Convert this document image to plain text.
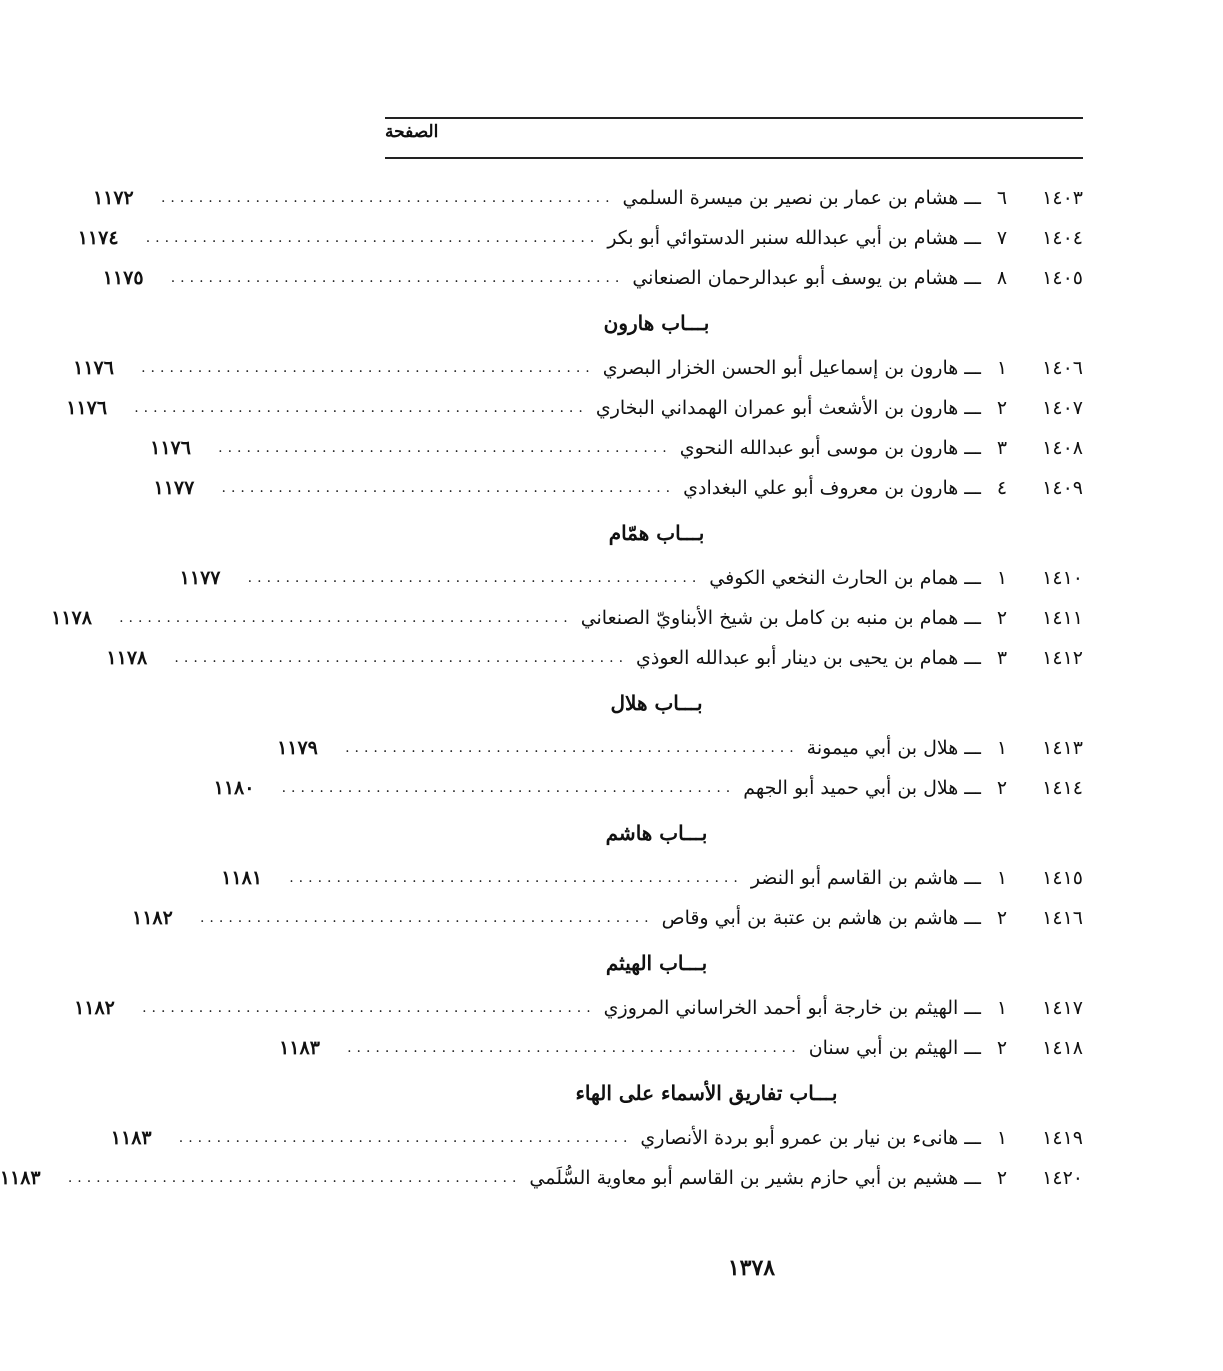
الصفحة
١٤٠٣
٦
ـــ
هشام بن عمار بن نصير بن ميسرة السلمي
................................................
١١٧٢
١٤٠٤
٧
ـــ
هشام بن أبي عبدالله سنبر الدستوائي أبو بكر
................................................
١١٧٤
١٤٠٥
٨
ـــ
هشام بن يوسف أبو عبدالرحمان الصنعاني
................................................
١١٧٥
بـــاب هارون
١٤٠٦
١
ـــ
هارون بن إسماعيل أبو الحسن الخزار البصري
................................................
١١٧٦
١٤٠٧
٢
ـــ
هارون بن الأشعث أبو عمران الهمداني البخاري
................................................
١١٧٦
١٤٠٨
٣
ـــ
هارون بن موسى أبو عبدالله النحوي
................................................
١١٧٦
١٤٠٩
٤
ـــ
هارون بن معروف أبو علي البغدادي
................................................
١١٧٧
بـــاب همّام
١٤١٠
١
ـــ
همام بن الحارث النخعي الكوفي
................................................
١١٧٧
١٤١١
٢
ـــ
همام بن منبه بن كامل بن شيخ الأبناويّ الصنعاني
................................................
١١٧٨
١٤١٢
٣
ـــ
همام بن يحيى بن دينار أبو عبدالله العوذي
................................................
١١٧٨
بـــاب هلال
١٤١٣
١
ـــ
هلال بن أبي ميمونة
................................................
١١٧٩
١٤١٤
٢
ـــ
هلال بن أبي حميد أبو الجهم
................................................
١١٨٠
بـــاب هاشم
١٤١٥
١
ـــ
هاشم بن القاسم أبو النضر
................................................
١١٨١
١٤١٦
٢
ـــ
هاشم بن هاشم بن عتبة بن أبي وقاص
................................................
١١٨٢
بـــاب الهيثم
١٤١٧
١
ـــ
الهيثم بن خارجة أبو أحمد الخراساني المروزي
................................................
١١٨٢
١٤١٨
٢
ـــ
الهيثم بن أبي سنان
................................................
١١٨٣
بـــاب تفاريق الأسماء على الهاء
١٤١٩
١
ـــ
هانىء بن نيار بن عمرو أبو بردة الأنصاري
................................................
١١٨٣
١٤٢٠
٢
ـــ
هشيم بن أبي حازم بشير بن القاسم أبو معاوية السُّلَمي
................................................
١١٨٣
١٣٧٨
